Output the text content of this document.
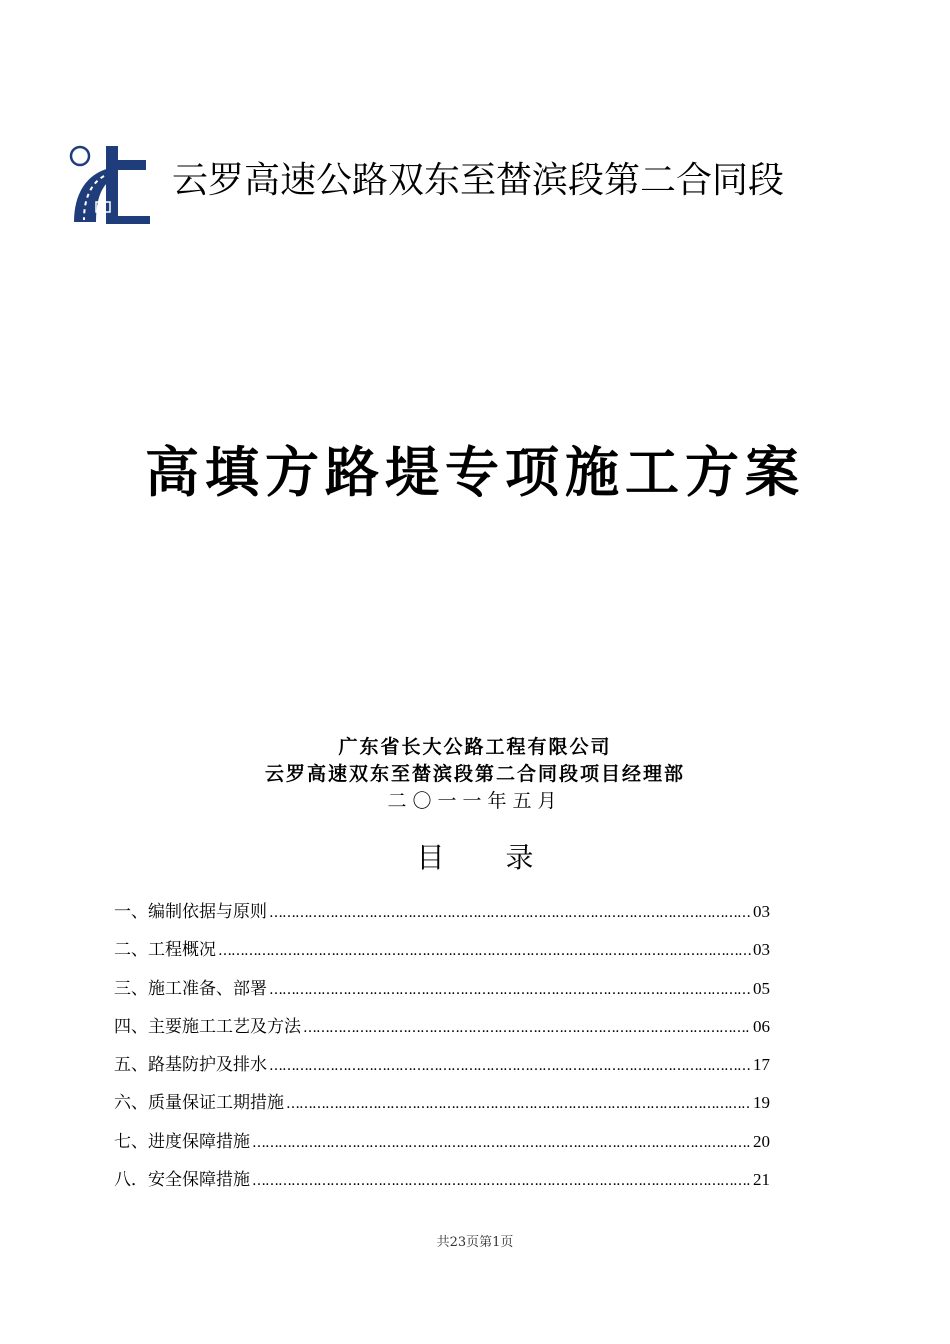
云罗高速公路双东至榃滨段第二合同段
高填方路堤专项施工方案
广东省长大公路工程有限公司
云罗高速双东至榃滨段第二合同段项目经理部
二〇一一年五月
目 录
一、编制依据与原则 ……………………………………………………………………………………………………………………………………………………………………	03
二、工程概况 ……………………………………………………………………………………………………………………………………………………………………	03
三、施工准备、部署 ……………………………………………………………………………………………………………………………………………………………………	05
四、主要施工工艺及方法 ……………………………………………………………………………………………………………………………………………………………………	06
五、路基防护及排水 ……………………………………………………………………………………………………………………………………………………………………	17
六、质量保证工期措施 ……………………………………………………………………………………………………………………………………………………………………	19
七、进度保障措施 ……………………………………………………………………………………………………………………………………………………………………	20
八．安全保障措施 ……………………………………………………………………………………………………………………………………………………………………	21
共23页第1页
